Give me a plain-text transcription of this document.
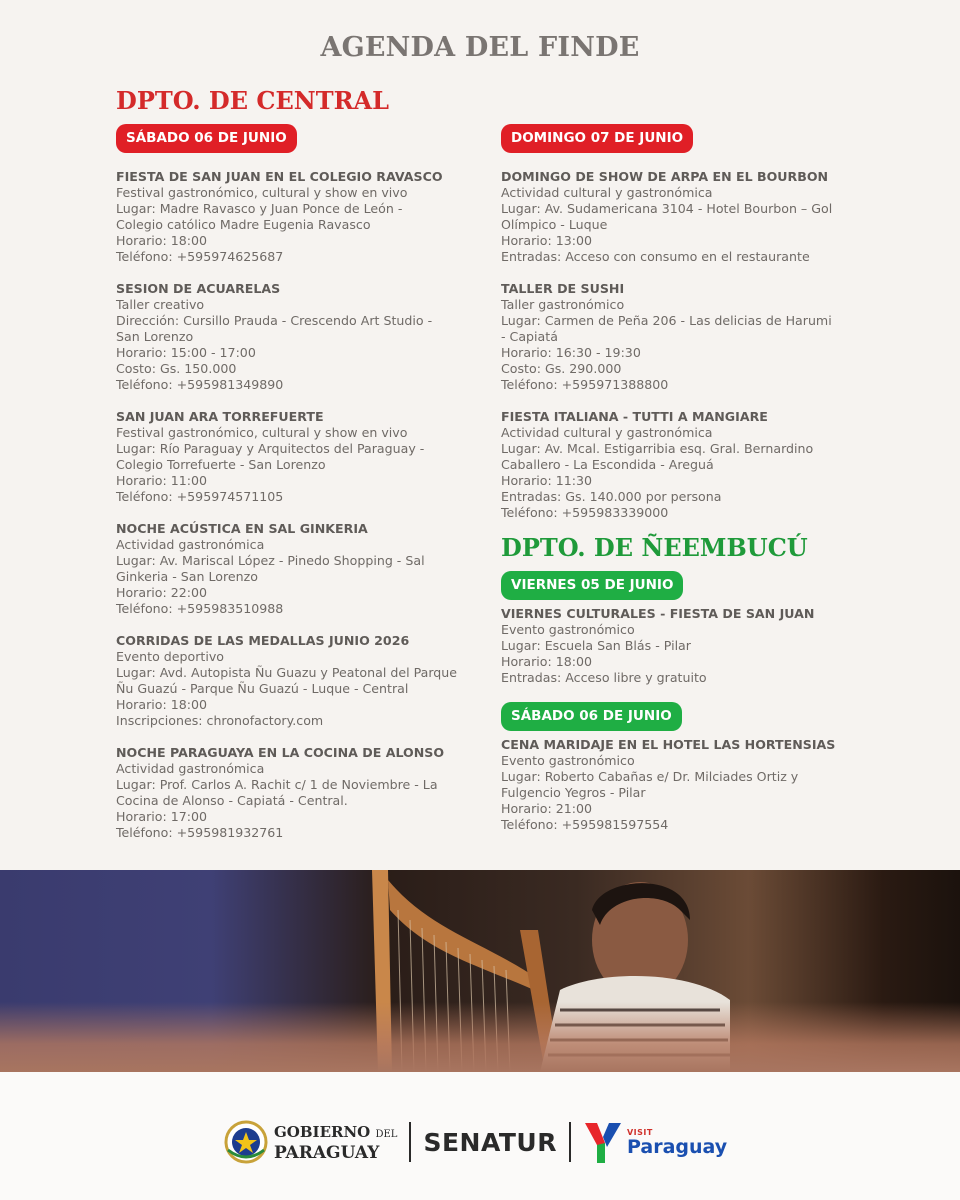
AGENDA DEL FINDE
DPTO. DE CENTRAL
SÁBADO 06 DE JUNIO
FIESTA DE SAN JUAN EN EL COLEGIO RAVASCO
Festival gastronómico, cultural y show en vivo
Lugar: Madre Ravasco y Juan Ponce de León -
Colegio católico Madre Eugenia Ravasco
Horario: 18:00
Teléfono: +595974625687
SESION DE ACUARELAS
Taller creativo
Dirección: Cursillo Prauda - Crescendo Art Studio -
San Lorenzo
Horario: 15:00 - 17:00
Costo: Gs. 150.000
Teléfono: +595981349890
SAN JUAN ARA TORREFUERTE
Festival gastronómico, cultural y show en vivo
Lugar: Río Paraguay y Arquitectos del Paraguay -
Colegio Torrefuerte - San Lorenzo
Horario: 11:00
Teléfono: +595974571105
NOCHE ACÚSTICA EN SAL GINKERIA
Actividad gastronómica
Lugar: Av. Mariscal López - Pinedo Shopping - Sal
Ginkeria - San Lorenzo
Horario: 22:00
Teléfono: +595983510988
CORRIDAS DE LAS MEDALLAS JUNIO 2026
Evento deportivo
Lugar: Avd. Autopista Ñu Guazu y Peatonal del Parque
Ñu Guazú - Parque Ñu Guazú - Luque - Central
Horario: 18:00
Inscripciones: chronofactory.com
NOCHE PARAGUAYA EN LA COCINA DE ALONSO
Actividad gastronómica
Lugar: Prof. Carlos A. Rachit c/ 1 de Noviembre - La
Cocina de Alonso - Capiatá - Central.
Horario: 17:00
Teléfono: +595981932761
DOMINGO 07 DE JUNIO
DOMINGO DE SHOW DE ARPA EN EL BOURBON
Actividad cultural y gastronómica
Lugar: Av. Sudamericana 3104 - Hotel Bourbon – Gol
Olímpico - Luque
Horario: 13:00
Entradas: Acceso con consumo en el restaurante
TALLER DE SUSHI
Taller gastronómico
Lugar: Carmen de Peña 206 - Las delicias de Harumi
- Capiatá
Horario: 16:30 - 19:30
Costo: Gs. 290.000
Teléfono: +595971388800
FIESTA ITALIANA - TUTTI A MANGIARE
Actividad cultural y gastronómica
Lugar: Av. Mcal. Estigarribia esq. Gral. Bernardino
Caballero - La Escondida - Areguá
Horario: 11:30
Entradas: Gs. 140.000 por persona
Teléfono: +595983339000
DPTO. DE ÑEEMBUCÚ
VIERNES 05 DE JUNIO
VIERNES CULTURALES - FIESTA DE SAN JUAN
Evento gastronómico
Lugar: Escuela San Blás - Pilar
Horario: 18:00
Entradas: Acceso libre y gratuito
SÁBADO 06 DE JUNIO
CENA MARIDAJE EN EL HOTEL LAS HORTENSIAS
Evento gastronómico
Lugar: Roberto Cabañas e/ Dr. Milciades Ortiz y
Fulgencio Yegros - Pilar
Horario: 21:00
Teléfono: +595981597554
GOBIERNO DEL
PARAGUAY	SENATUR	VISIT
Paraguay
